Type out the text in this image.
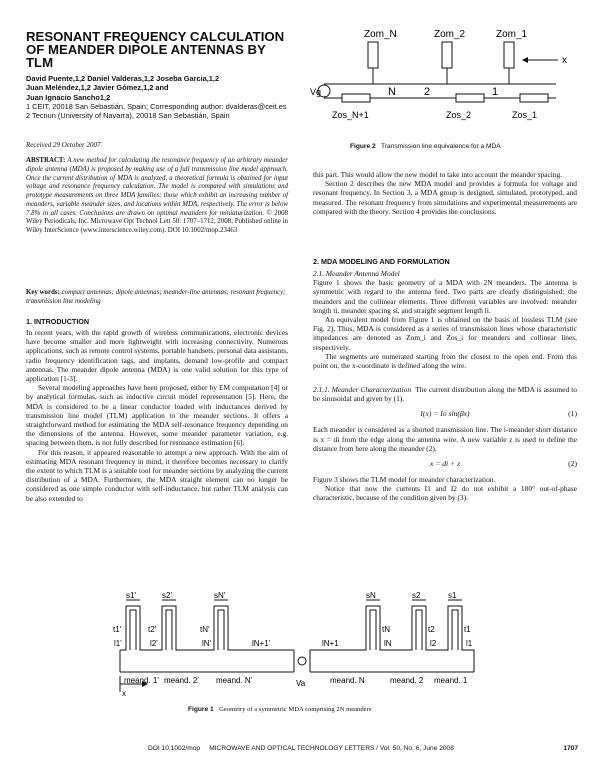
RESONANT FREQUENCY CALCULATION OF MEANDER DIPOLE ANTENNAS BY TLM
David Puente,1,2 Daniel Valderas,1,2 Joseba Garcia,1,2
Juan Meléndez,1,2 Javier Gómez,1,2 and
Juan Ignacio Sancho1,2
1 CEIT, 20018 San Sebastián, Spain; Corresponding author: dvalderas@ceit.es
2 Tecnun (University of Navarra), 20018 San Sebastián, Spain
Received 29 October 2007
ABSTRACT: A new method for calculating the resonance frequency of an arbitrary meander dipole antenna (MDA) is proposed by making use of a full transmission line model approach. Once the current distribution of MDA is analyzed, a theoretical formula is obtained for input voltage and resonance frequency calculation. The model is compared with simulations and prototype measurements on three MDA families: those which exhibit an increasing number of meanders, variable meander sizes, and locations within MDA, respectively. The error is below 7.8% in all cases. Conclusions are drawn on optimal meanders for miniaturization. © 2008 Wiley Periodicals, Inc. Microwave Opt Technol Lett 50: 1707–1712, 2008; Published online in Wiley InterScience (www.interscience.wiley.com). DOI 10.1002/mop.23463
Key words: compact antennas; dipole antennas; meander-line antennas; resonant frequency; transmission line modeling
1. INTRODUCTION

In recent years, with the rapid growth of wireless communications, electronic devices have become smaller and more lightweight with increasing connectivity. Numerous applications, such as remote control systems, portable handsets, personal data assistants, radio frequency identification tags, and implants, demand low-profile and compact antennas. The meander dipole antenna (MDA) is one valid solution for this type of application [1-3].

Several modeling approaches have been proposed, either by EM computation [4] or by analytical formulas, such as inductive circuit model representation [5]. Here, the MDA is considered to be a linear conductor loaded with inductances derived by transmission line model (TLM) application to the meander sections. It offers a straightforward method for estimating the MDA self-resonance frequency depending on the dimensions of the antenna. However, some meander parameter variation, e.g. spacing between them, is not fully described for resonance estimation [6].

For this reason, it appeared reasonable to attempt a new approach. With the aim of estimating MDA resonant frequency in mind, it therefore becomes necessary to clarify the extent to which TLM is a suitable tool for meander sections by analyzing the current distribution of a MDA. Furthermore, the MDA straight element can no longer be considered as one simple conductor with self-inductance, but rather TLM analysis can be also extended to

Zom_N	Zom_2	Zom_1
x
Vg	N	2	1
Zos_N+1	Zos_2	Zos_1
Figure 2 Transmission line equivalence for a MDA

this part. This would allow the new model to take into account the meander spacing.

Section 2 describes the new MDA model and provides a formula for voltage and resonant frequency. In Section 3, a MDA group is designed, simulated, prototyped, and measured. The resonant frequency from simulations and experimental measurements are compared with the theory. Section 4 provides the conclusions.

2. MDA MODELING AND FORMULATION
2.1. Meander Antenna Model

Figure 1 shows the basic geometry of a MDA with 2N meanders. The antenna is symmetric with regard to the antenna feed. Two parts are clearly distinguished: the meanders and the collinear elements. Three different variables are involved: meander length ti, meander spacing si, and straight segment length li.

An equivalent model from Figure 1 is obtained on the basis of lossless TLM (see Fig. 2). Thus, MDA is considered as a series of transmission lines whose characteristic impedances are denoted as Zom_i and Zos_i for meanders and collinear lines, respectively.

The segments are numerated starting from the closest to the open end. From this point on, the x-coordinate is defined along the wire.

2.1.1. Meander Characterization The current distribution along the MDA is assumed to be sinusoidal and given by (1).

I(x) = Io sin(βx)	(1)

Each meander is considered as a shorted transmission line. The i-meander short distance is x = di from the edge along the antenna wire. A new variable z is used to define the distance from here along the meander (2).

x = di + z	(2)

Figure 3 shows the TLM model for meander characterization.

Notice that now the currents I1 and I2 do not exhibit a 180° out-of-phase characteristic, because of the condition given by (3).

s1'	s2'	sN'	sN	s2	s1
t1'	t2'	tN'	tN	t2	t1
l1'	l2'	lN'	lN+1'	lN+1	lN	l2	l1
meand. 1' meand. 2' meand. N'	meand. N	meand. 2 meand. 1
Va
x
Figure 1 Geometry of a symmetric MDA comprising 2N meanders
DOI 10.1002/mop MICROWAVE AND OPTICAL TECHNOLOGY LETTERS / Vol. 50, No. 6, June 2008	1707
